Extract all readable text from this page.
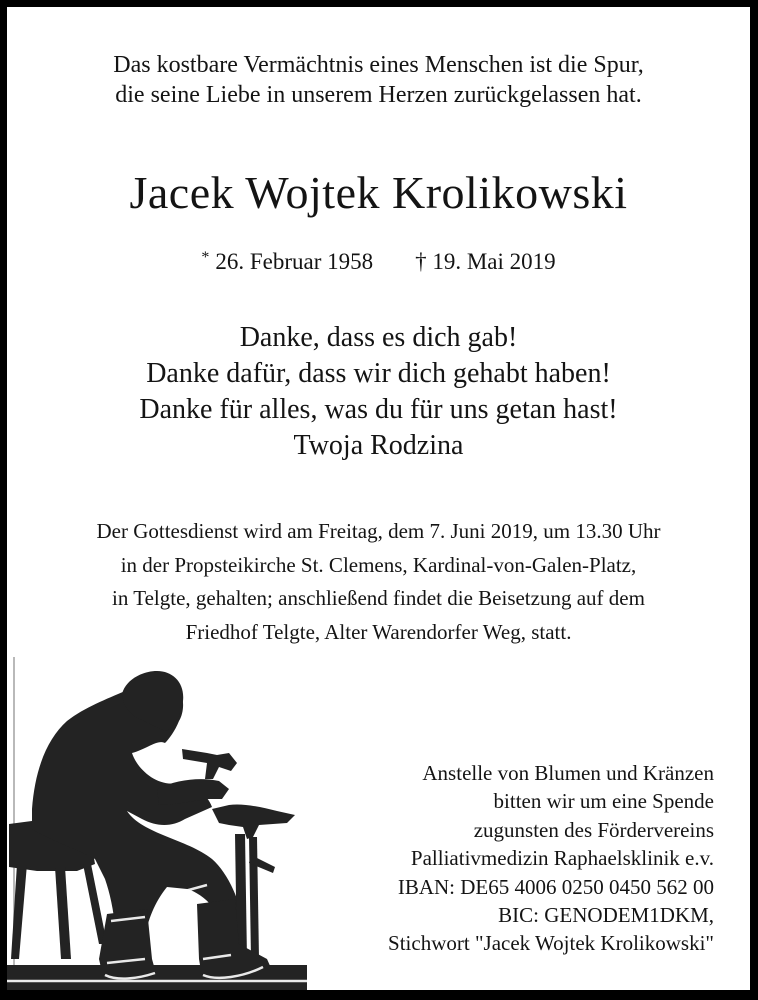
Das kostbare Vermächtnis eines Menschen ist die Spur,
die seine Liebe in unserem Herzen zurückgelassen hat.
Jacek Wojtek Krolikowski
* 26. Februar 1958 † 19. Mai 2019
Danke, dass es dich gab!
Danke dafür, dass wir dich gehabt haben!
Danke für alles, was du für uns getan hast!
Twoja Rodzina
Der Gottesdienst wird am Freitag, dem 7. Juni 2019, um 13.30 Uhr
in der Propsteikirche St. Clemens, Kardinal-von-Galen-Platz,
in Telgte, gehalten; anschließend findet die Beisetzung auf dem
Friedhof Telgte, Alter Warendorfer Weg, statt.
Anstelle von Blumen und Kränzen
bitten wir um eine Spende
zugunsten des Fördervereins
Palliativmedizin Raphaelsklinik e.v.
IBAN: DE65 4006 0250 0450 562 00
BIC: GENODEM1DKM,
Stichwort "Jacek Wojtek Krolikowski"
